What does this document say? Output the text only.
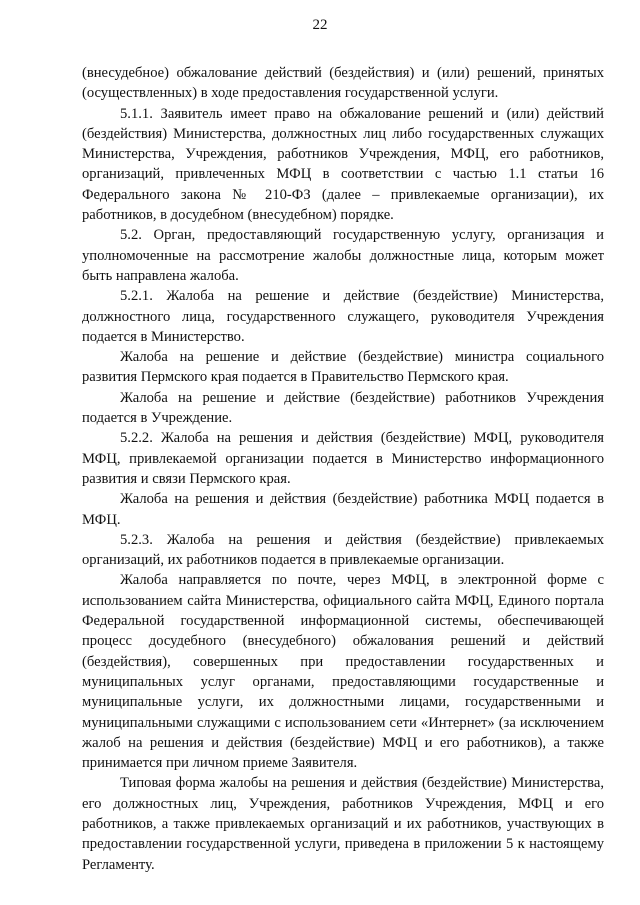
22

(внесудебное) обжалование действий (бездействия) и (или) решений, принятых (осуществленных) в ходе предоставления государственной услуги.

5.1.1. Заявитель имеет право на обжалование решений и (или) действий (бездействия) Министерства, должностных лиц либо государственных служащих Министерства, Учреждения, работников Учреждения, МФЦ, его работников, организаций, привлеченных МФЦ в соответствии с частью 1.1 статьи 16 Федерального закона № 210-ФЗ (далее – привлекаемые организации), их работников, в досудебном (внесудебном) порядке.

5.2. Орган, предоставляющий государственную услугу, организация и уполномоченные на рассмотрение жалобы должностные лица, которым может быть направлена жалоба.

5.2.1. Жалоба на решение и действие (бездействие) Министерства, должностного лица, государственного служащего, руководителя Учреждения подается в Министерство.

Жалоба на решение и действие (бездействие) министра социального развития Пермского края подается в Правительство Пермского края.

Жалоба на решение и действие (бездействие) работников Учреждения подается в Учреждение.

5.2.2. Жалоба на решения и действия (бездействие) МФЦ, руководителя МФЦ, привлекаемой организации подается в Министерство информационного развития и связи Пермского края.

Жалоба на решения и действия (бездействие) работника МФЦ подается в МФЦ.

5.2.3. Жалоба на решения и действия (бездействие) привлекаемых организаций, их работников подается в привлекаемые организации.

Жалоба направляется по почте, через МФЦ, в электронной форме с использованием сайта Министерства, официального сайта МФЦ, Единого портала Федеральной государственной информационной системы, обеспечивающей процесс досудебного (внесудебного) обжалования решений и действий (бездействия), совершенных при предоставлении государственных и муниципальных услуг органами, предоставляющими государственные и муниципальные услуги, их должностными лицами, государственными и муниципальными служащими с использованием сети «Интернет» (за исключением жалоб на решения и действия (бездействие) МФЦ и его работников), а также принимается при личном приеме Заявителя.

Типовая форма жалобы на решения и действия (бездействие) Министерства, его должностных лиц, Учреждения, работников Учреждения, МФЦ и его работников, а также привлекаемых организаций и их работников, участвующих в предоставлении государственной услуги, приведена в приложении 5 к настоящему Регламенту.
